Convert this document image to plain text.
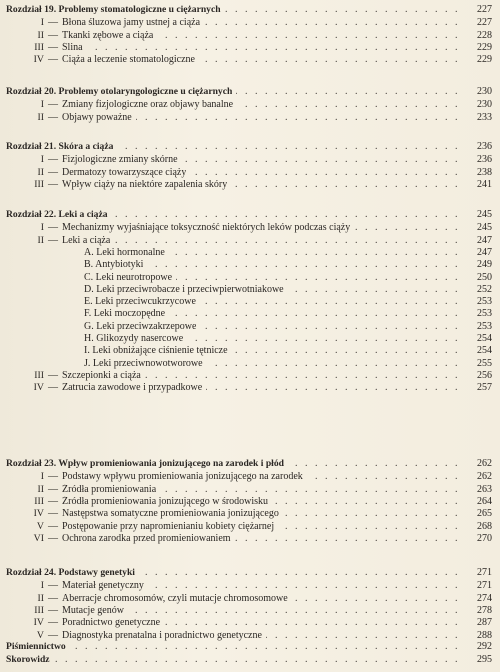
Rozdział 19. Problemy stomatologiczne u ciężarnych . . .	227
I — Błona śluzowa jamy ustnej a ciąża . . .	227
II — Tkanki zębowe a ciąża . . .	228
III — Ślina . . .	229
IV — Ciąża a leczenie stomatologiczne . . .	229
Rozdział 20. Problemy otolaryngologiczne u ciężarnych . . .	230
I — Zmiany fizjologiczne oraz objawy banalne . . .	230
II — Objawy poważne . . .	233
Rozdział 21. Skóra a ciąża . . .	236
I — Fizjologiczne zmiany skórne . . .	236
II — Dermatozy towarzyszące ciąży . . .	238
III — Wpływ ciąży na niektóre zapalenia skóry . . .	241
Rozdział 22. Leki a ciąża . . .	245
I — Mechanizmy wyjaśniające toksyczność niektórych leków podczas ciąży . . .	245
II — Leki a ciąża . . .	247
A. Leki hormonalne . . .	247
B. Antybiotyki . . .	249
C. Leki neurotropowe . . .	250
D. Leki przeciwrobacze i przeciwpierwotniakowe . . .	252
E. Leki przeciwcukrzycowe . . .	253
F. Leki moczopędne . . .	253
G. Leki przeciwzakrzepowe . . .	253
H. Glikozydy nasercowe . . .	254
I. Leki obniżające ciśnienie tętnicze . . .	254
J. Leki przeciwnowotworowe . . .	255
III — Szczepionki a ciąża . . .	256
IV — Zatrucia zawodowe i przypadkowe . . .	257
Rozdział 23. Wpływ promieniowania jonizującego na zarodek i płód . . .	262
I — Podstawy wpływu promieniowania jonizującego na zarodek . . .	262
II — Źródła promieniowania . . .	263
III — Źródła promieniowania jonizującego w środowisku . . .	264
IV — Następstwa somatyczne promieniowania jonizującego . . .	265
V — Postępowanie przy napromienianiu kobiety ciężarnej . . .	268
VI — Ochrona zarodka przed promieniowaniem . . .	270
Rozdział 24. Podstawy genetyki . . .	271
I — Materiał genetyczny . . .	271
II — Aberracje chromosomów, czyli mutacje chromosomowe . . .	274
III — Mutacje genów . . .	278
IV — Poradnictwo genetyczne . . .	287
V — Diagnostyka prenatalna i poradnictwo genetyczne . . .	288
Piśmiennictwo . . .	292
Skorowidz . . .	295
